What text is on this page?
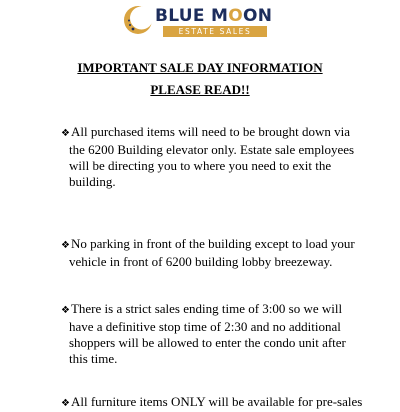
BLUE MOON
ESTATE SALES
IMPORTANT SALE DAY INFORMATION
PLEASE READ!!
❖All purchased items will need to be brought down via
the 6200 Building elevator only. Estate sale employees
will be directing you to where you need to exit the
building.
❖No parking in front of the building except to load your
vehicle in front of 6200 building lobby breezeway.
❖There is a strict sales ending time of 3:00 so we will
have a definitive stop time of 2:30 and no additional
shoppers will be allowed to enter the condo unit after
this time.
❖All furniture items ONLY will be available for pre-sales
